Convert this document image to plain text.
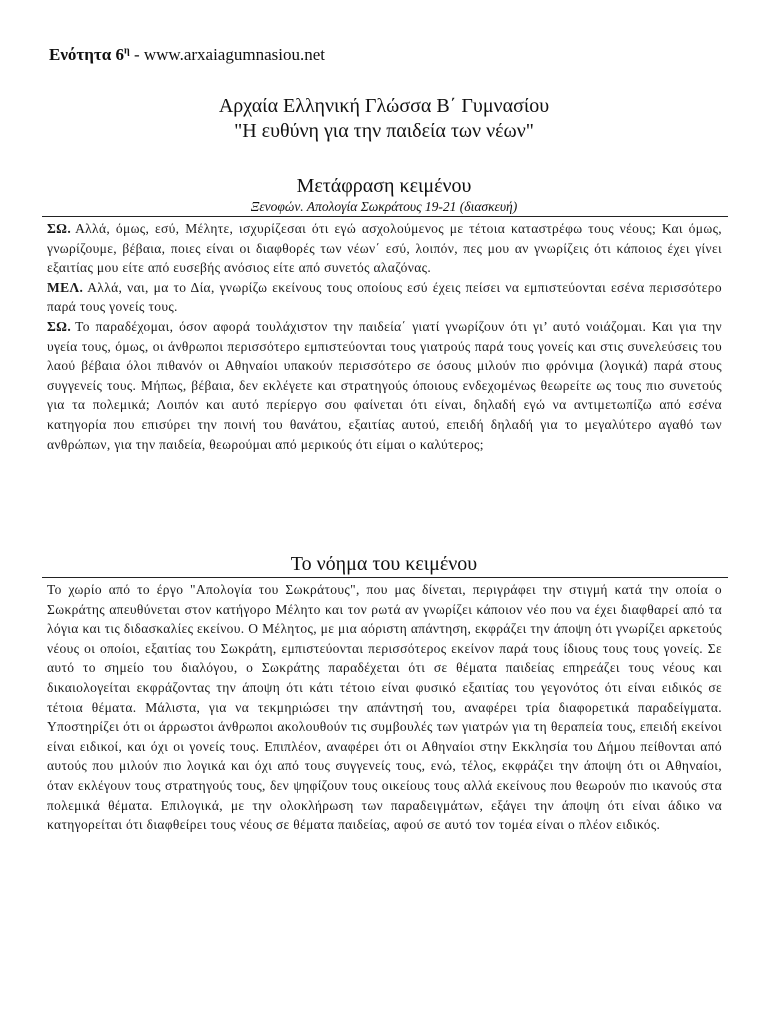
Ενότητα $6^\eta$ - www.arxaiagumnasiou.net
Αρχαία Ελληνική Γλώσσα Β΄ Γυμνασίου
"Η ευθύνη για την παιδεία των νέων"
Μετάφραση κειμένου
Ξενοφών. Απολογία Σωκράτους 19-21 (διασκευή)

ΣΩ. Αλλά, όμως, εσύ, Μέλητε, ισχυρίζεσαι ότι εγώ ασχολούμενος με τέτοια καταστρέφω τους νέους; Και όμως, γνωρίζουμε, βέβαια, ποιες είναι οι διαφθορές των νέων΄ εσύ, λοιπόν, πες μου αν γνωρίζεις ότι κάποιος έχει γίνει εξαιτίας μου είτε από ευσεβής ανόσιος είτε από συνετός αλαζόνας.

ΜΕΛ. Αλλά, ναι, μα το Δία, γνωρίζω εκείνους τους οποίους εσύ έχεις πείσει να εμπιστεύονται εσένα περισσότερο παρά τους γονείς τους.

ΣΩ. Το παραδέχομαι, όσον αφορά τουλάχιστον την παιδεία΄ γιατί γνωρίζουν ότι γι’ αυτό νοιάζομαι. Και για την υγεία τους, όμως, οι άνθρωποι περισσότερο εμπιστεύονται τους γιατρούς παρά τους γονείς και στις συνελεύσεις του λαού βέβαια όλοι πιθανόν οι Αθηναίοι υπακούν περισσότερο σε όσους μιλούν πιο φρόνιμα (λογικά) παρά στους συγγενείς τους. Μήπως, βέβαια, δεν εκλέγετε και στρατηγούς όποιους ενδεχομένως θεωρείτε ως τους πιο συνετούς για τα πολεμικά; Λοιπόν και αυτό περίεργο σου φαίνεται ότι είναι, δηλαδή εγώ να αντιμετωπίζω από εσένα κατηγορία που επισύρει την ποινή του θανάτου, εξαιτίας αυτού, επειδή δηλαδή για το μεγαλύτερο αγαθό των ανθρώπων, για την παιδεία, θεωρούμαι από μερικούς ότι είμαι ο καλύτερος;

Το νόημα του κειμένου

Το χωρίο από το έργο "Απολογία του Σωκράτους", που μας δίνεται, περιγράφει την στιγμή κατά την οποία ο Σωκράτης απευθύνεται στον κατήγορο Μέλητο και τον ρωτά αν γνωρίζει κάποιον νέο που να έχει διαφθαρεί από τα λόγια και τις διδασκαλίες εκείνου. Ο Μέλητος, με μια αόριστη απάντηση, εκφράζει την άποψη ότι γνωρίζει αρκετούς νέους οι οποίοι, εξαιτίας του Σωκράτη, εμπιστεύονται περισσότερος εκείνον παρά τους ίδιους τους τους γονείς. Σε αυτό το σημείο του διαλόγου, ο Σωκράτης παραδέχεται ότι σε θέματα παιδείας επηρεάζει τους νέους και δικαιολογείται εκφράζοντας την άποψη ότι κάτι τέτοιο είναι φυσικό εξαιτίας του γεγονότος ότι είναι ειδικός σε τέτοια θέματα. Μάλιστα, για να τεκμηριώσει την απάντησή του, αναφέρει τρία διαφορετικά παραδείγματα. Υποστηρίζει ότι οι άρρωστοι άνθρωποι ακολουθούν τις συμβουλές των γιατρών για τη θεραπεία τους, επειδή εκείνοι είναι ειδικοί, και όχι οι γονείς τους. Επιπλέον, αναφέρει ότι οι Αθηναίοι στην Εκκλησία του Δήμου πείθονται από αυτούς που μιλούν πιο λογικά και όχι από τους συγγενείς τους, ενώ, τέλος, εκφράζει την άποψη ότι οι Αθηναίοι, όταν εκλέγουν τους στρατηγούς τους, δεν ψηφίζουν τους οικείους τους αλλά εκείνους που θεωρούν πιο ικανούς στα πολεμικά θέματα. Επιλογικά, με την ολοκλήρωση των παραδειγμάτων, εξάγει την άποψη ότι είναι άδικο να κατηγορείται ότι διαφθείρει τους νέους σε θέματα παιδείας, αφού σε αυτό τον τομέα είναι ο πλέον ειδικός.
